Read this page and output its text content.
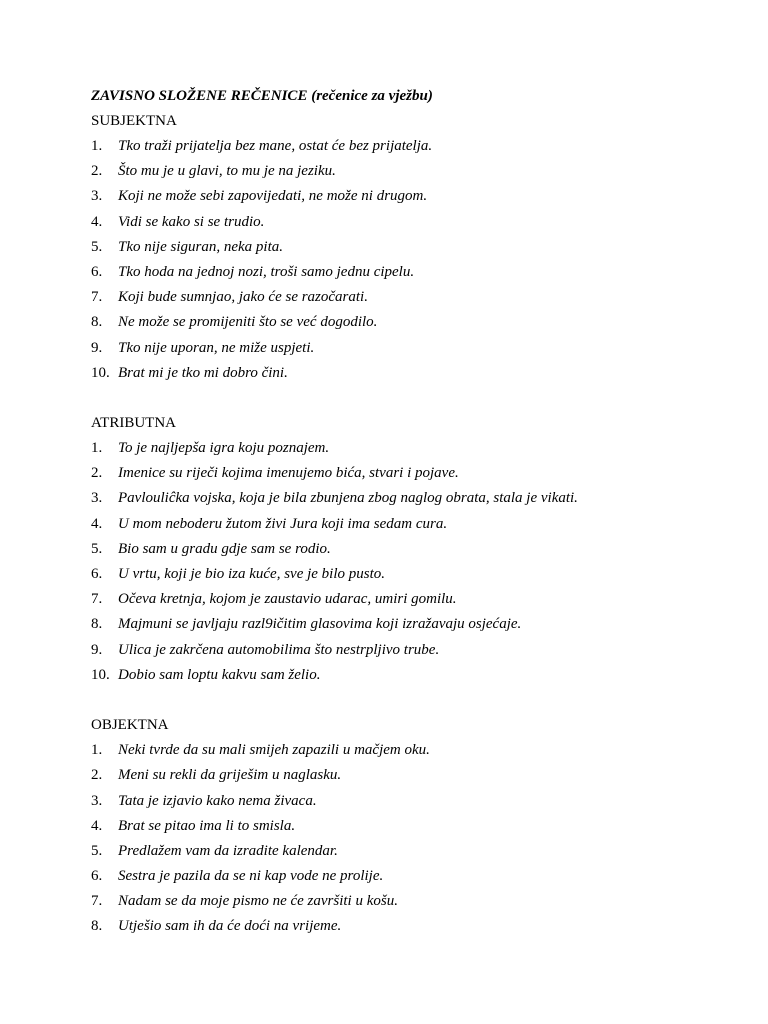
ZAVISNO SLOŽENE REČENICE (rečenice za vježbu)
SUBJEKTNA
1.	Tko traži prijatelja bez mane, ostat će bez prijatelja.
2.	Što mu je u glavi, to mu je na jeziku.
3.	Koji ne može sebi zapovijedati, ne može ni drugom.
4.	Vidi se kako si se trudio.
5.	Tko nije siguran, neka pita.
6.	Tko hoda na jednoj nozi, troši samo jednu cipelu.
7.	Koji bude sumnjao, jako će se razočarati.
8.	Ne može se promijeniti što se već dogodilo.
9.	Tko nije uporan, ne miže uspjeti.
10. Brat mi je tko mi dobro čini.
ATRIBUTNA
1.	To je najljepša igra koju poznajem.
2.	Imenice su riječi kojima imenujemo bića, stvari i pojave.
3.	Pavlouliĉka vojska, koja je bila zbunjena zbog naglog obrata, stala je vikati.
4.	U mom neboderu žutom živi Jura koji ima sedam cura.
5.	Bio sam u gradu gdje sam se rodio.
6.	U vrtu, koji je bio iza kuće, sve je bilo pusto.
7.	Očeva kretnja, kojom je zaustavio udarac, umiri gomilu.
8.	Majmuni se javljaju razl9ičitim glasovima koji izražavaju osjećaje.
9.	Ulica je zakrčena automobilima što nestrpljivo trube.
10. Dobio sam loptu kakvu sam želio.
OBJEKTNA
1.	Neki tvrde da su mali smijeh zapazili u mačjem oku.
2.	Meni su rekli da griješim u naglasku.
3.	Tata je izjavio kako nema živaca.
4.	Brat se pitao ima li to smisla.
5.	Predlažem vam da izradite kalendar.
6.	Sestra je pazila da se ni kap vode ne prolije.
7.	Nadam se da moje pismo ne će završiti u košu.
8.	Utješio sam ih da će doći na vrijeme.
